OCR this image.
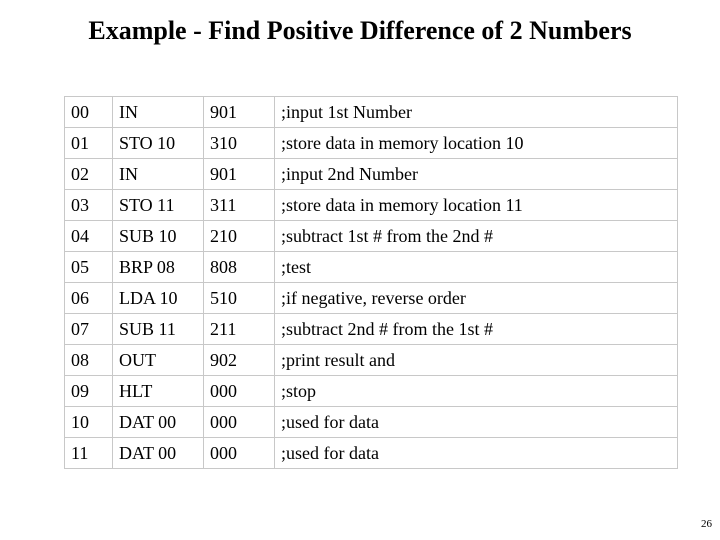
Example - Find Positive Difference of 2 Numbers
00	IN	901	;input 1st Number
01	STO 10	310	;store data in memory location 10
02	IN	901	;input 2nd Number
03	STO 11	311	;store data in memory location 11
04	SUB 10	210	;subtract 1st # from the 2nd #
05	BRP 08	808	;test
06	LDA 10	510	;if negative, reverse order
07	SUB 11	211	;subtract 2nd # from the 1st #
08	OUT	902	;print result and
09	HLT	000	;stop
10	DAT 00	000	;used for data
11	DAT 00	000	;used for data
26
